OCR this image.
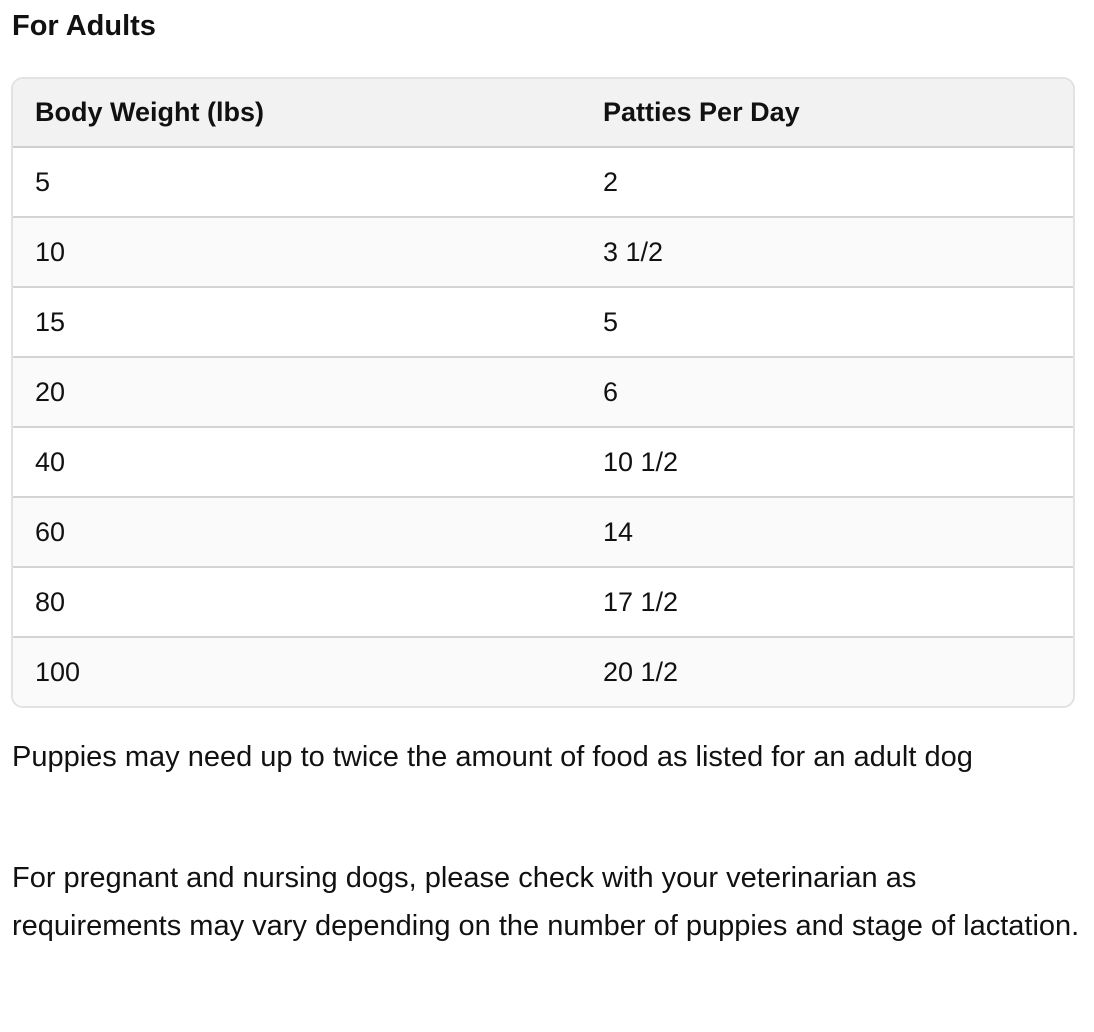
For Adults
Body Weight (lbs)	Patties Per Day
5	2
10	3 1/2
15	5
20	6
40	10 1/2
60	14
80	17 1/2
100	20 1/2

Puppies may need up to twice the amount of food as listed for an adult dog

For pregnant and nursing dogs, please check with your veterinarian as requirements may vary depending on the number of puppies and stage of lactation.
